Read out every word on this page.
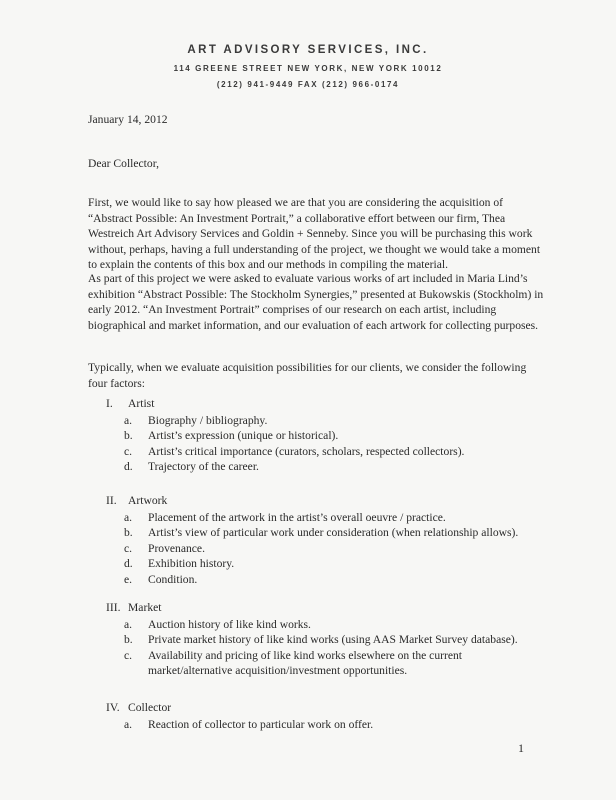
ART ADVISORY SERVICES, INC.
114 GREENE STREET NEW YORK, NEW YORK 10012
(212) 941-9449 FAX (212) 966-0174

January 14, 2012

Dear Collector,

First, we would like to say how pleased we are that you are considering the acquisition of “Abstract Possible: An Investment Portrait,” a collaborative effort between our firm, Thea Westreich Art Advisory Services and Goldin + Senneby. Since you will be purchasing this work without, perhaps, having a full understanding of the project, we thought we would take a moment to explain the contents of this box and our methods in compiling the material.

As part of this project we were asked to evaluate various works of art included in Maria Lind’s exhibition “Abstract Possible: The Stockholm Synergies,” presented at Bukowskis (Stockholm) in early 2012. “An Investment Portrait” comprises of our research on each artist, including biographical and market information, and our evaluation of each artwork for collecting purposes.

Typically, when we evaluate acquisition possibilities for our clients, we consider the following four factors:

I. Artist

a. Biography / bibliography.
b. Artist’s expression (unique or historical).
c. Artist’s critical importance (curators, scholars, respected collectors).
d. Trajectory of the career.

II. Artwork

a. Placement of the artwork in the artist’s overall oeuvre / practice.
b. Artist’s view of particular work under consideration (when relationship allows).
c. Provenance.
d. Exhibition history.
e. Condition.

III. Market

a. Auction history of like kind works.
b. Private market history of like kind works (using AAS Market Survey database).
c. Availability and pricing of like kind works elsewhere on the current market/alternative acquisition/investment opportunities.

IV. Collector

a. Reaction of collector to particular work on offer.
1
